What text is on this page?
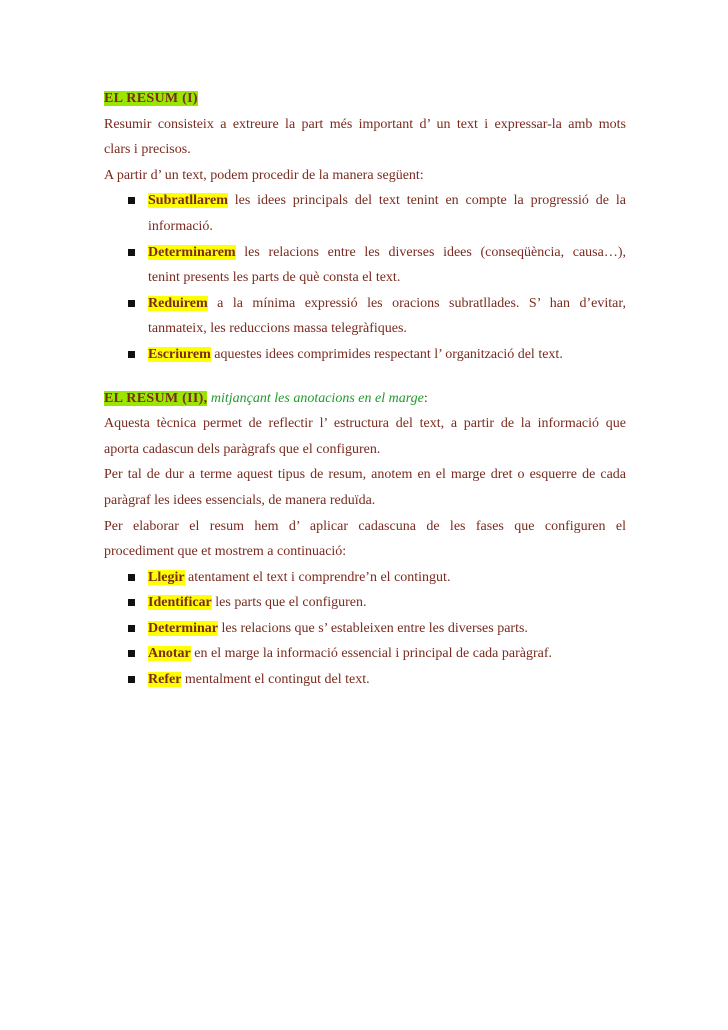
EL RESUM (I)

Resumir consisteix a extreure la part més important d’ un text i expressar-la amb mots

clars i precisos.

A partir d’ un text, podem procedir de la manera següent:

Subratllarem les idees principals del text tenint en compte la progressió de la
informació.
Determinarem les relacions entre les diverses idees (conseqüència, causa…),
tenint presents les parts de què consta el text.
Reduirem a la mínima expressió les oracions subratllades. S’ han d’evitar,
tanmateix, les reduccions massa telegràfiques.
Escriurem aquestes idees comprimides respectant l’ organització del text.

EL RESUM (II), mitjançant les anotacions en el marge:

Aquesta tècnica permet de reflectir l’ estructura del text, a partir de la informació que

aporta cadascun dels paràgrafs que el configuren.

Per tal de dur a terme aquest tipus de resum, anotem en el marge dret o esquerre de cada

paràgraf les idees essencials, de manera reduïda.

Per elaborar el resum hem d’ aplicar cadascuna de les fases que configuren el

procediment que et mostrem a continuació:

Llegir atentament el text i comprendre’n el contingut.
Identificar les parts que el configuren.
Determinar les relacions que s’ estableixen entre les diverses parts.
Anotar en el marge la informació essencial i principal de cada paràgraf.
Refer mentalment el contingut del text.
